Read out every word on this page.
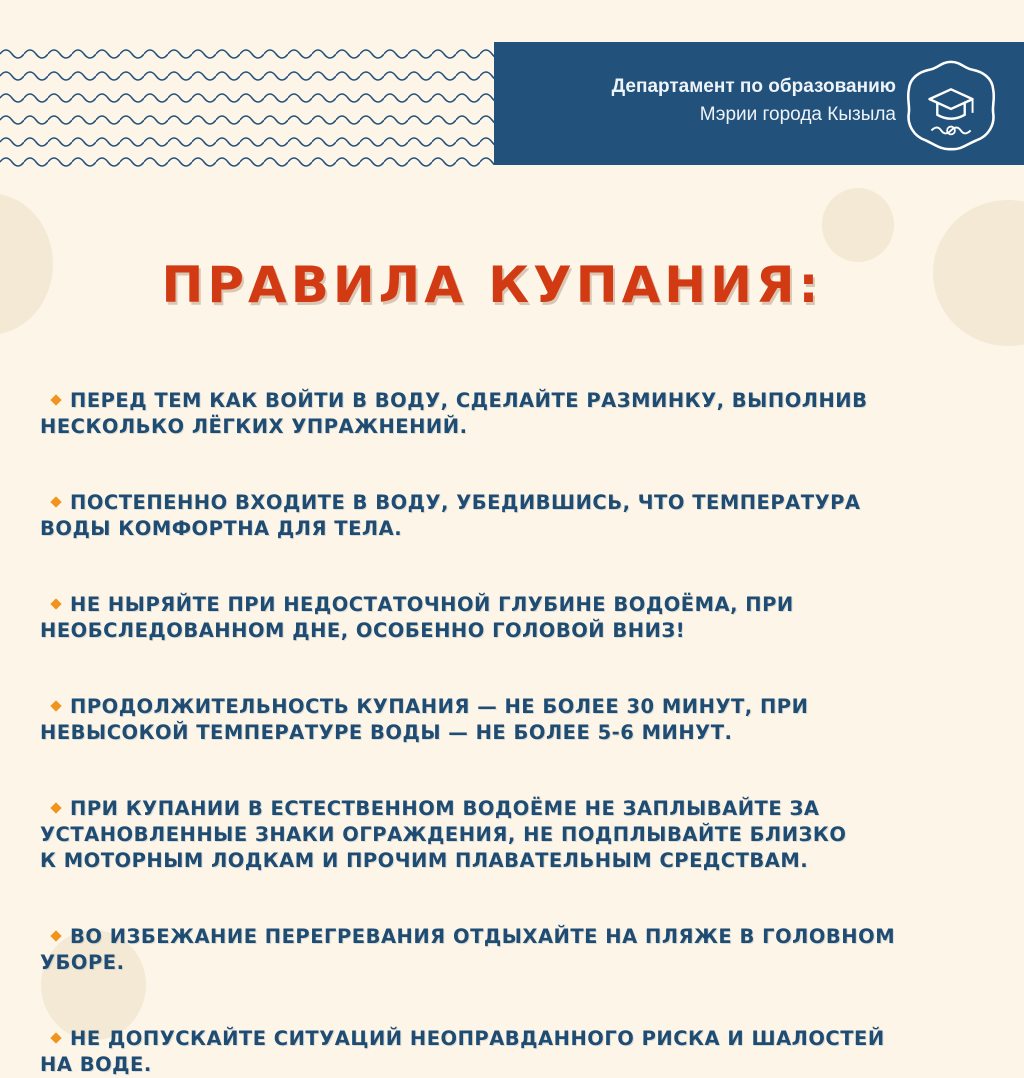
Департамент по образованию
Мэрии города Кызыла
ПРАВИЛА КУПАНИЯ:

ПЕРЕД ТЕМ КАК ВОЙТИ В ВОДУ, СДЕЛАЙТЕ РАЗМИНКУ, ВЫПОЛНИВ
НЕСКОЛЬКО ЛЁГКИХ УПРАЖНЕНИЙ.

ПОСТЕПЕННО ВХОДИТЕ В ВОДУ, УБЕДИВШИСЬ, ЧТО ТЕМПЕРАТУРА
ВОДЫ КОМФОРТНА ДЛЯ ТЕЛА.

НЕ НЫРЯЙТЕ ПРИ НЕДОСТАТОЧНОЙ ГЛУБИНЕ ВОДОЁМА, ПРИ
НЕОБСЛЕДОВАННОМ ДНЕ, ОСОБЕННО ГОЛОВОЙ ВНИЗ!

ПРОДОЛЖИТЕЛЬНОСТЬ КУПАНИЯ — НЕ БОЛЕЕ 30 МИНУТ, ПРИ
НЕВЫСОКОЙ ТЕМПЕРАТУРЕ ВОДЫ — НЕ БОЛЕЕ 5-6 МИНУТ.

ПРИ КУПАНИИ В ЕСТЕСТВЕННОМ ВОДОЁМЕ НЕ ЗАПЛЫВАЙТЕ ЗА
УСТАНОВЛЕННЫЕ ЗНАКИ ОГРАЖДЕНИЯ, НЕ ПОДПЛЫВАЙТЕ БЛИЗКО
К МОТОРНЫМ ЛОДКАМ И ПРОЧИМ ПЛАВАТЕЛЬНЫМ СРЕДСТВАМ.

ВО ИЗБЕЖАНИЕ ПЕРЕГРЕВАНИЯ ОТДЫХАЙТЕ НА ПЛЯЖЕ В ГОЛОВНОМ
УБОРЕ.

НЕ ДОПУСКАЙТЕ СИТУАЦИЙ НЕОПРАВДАННОГО РИСКА И ШАЛОСТЕЙ
НА ВОДЕ.
